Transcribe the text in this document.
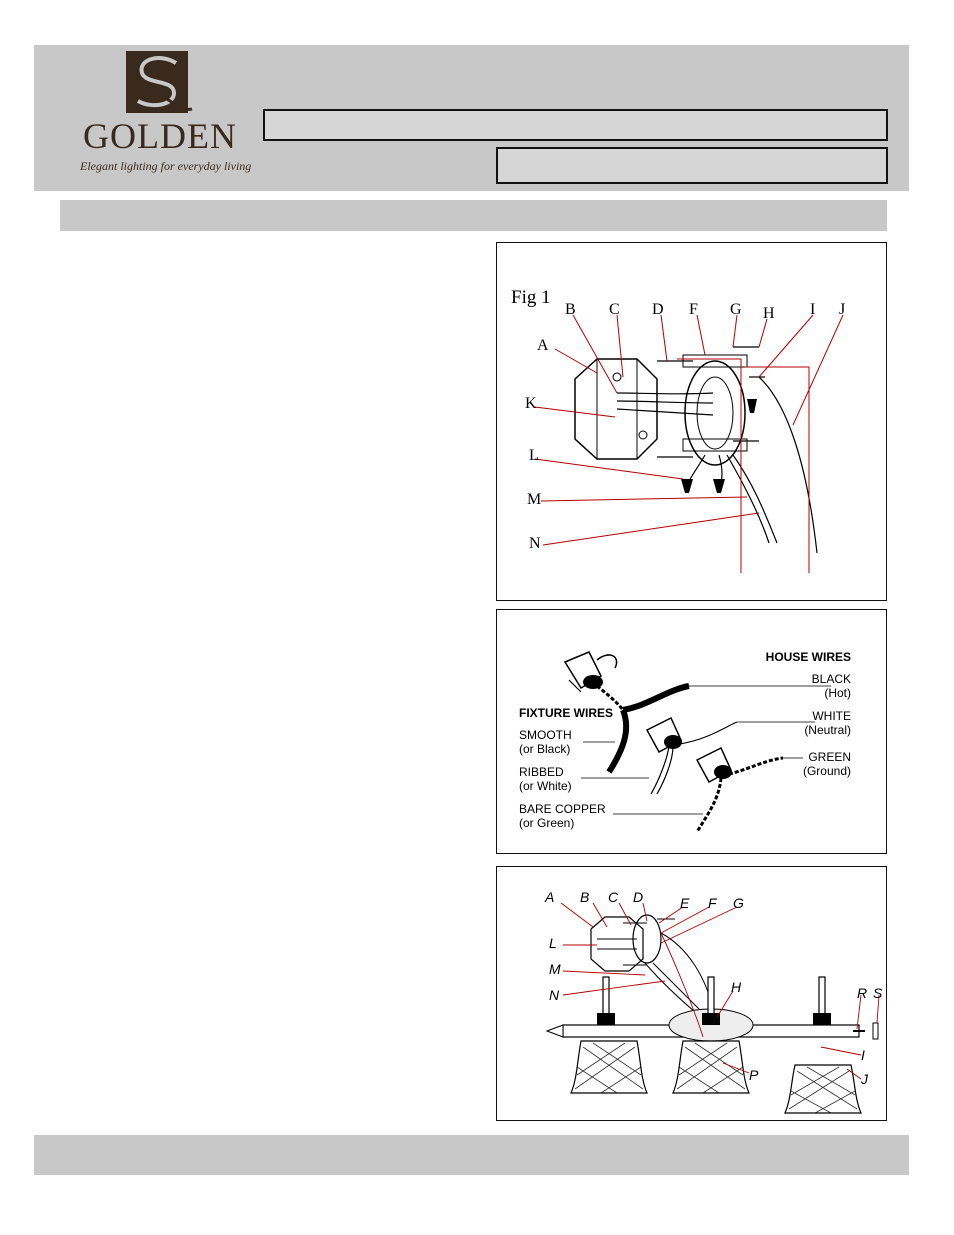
GOLDEN
Elegant lighting for everyday living
Fig 1
A
B C D F G H I J
K
L
M
N
HOUSE WIRES
BLACK
(Hot)
WHITE
(Neutral)
GREEN
(Ground)
FIXTURE WIRES
SMOOTH
(or Black)
RIBBED
(or White)
BARE COPPER
(or Green)
A B C D	E F G
L
M
N	H	R S
I
J
P
